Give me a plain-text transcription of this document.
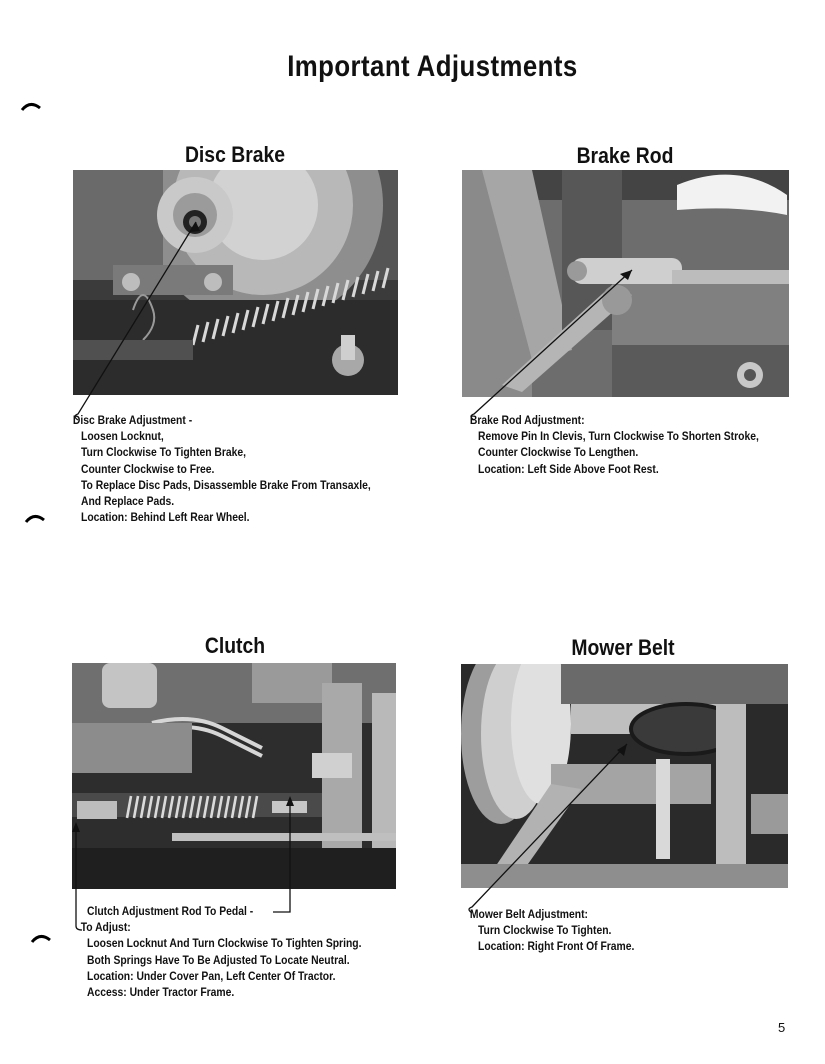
Important Adjustments
Disc Brake
Disc Brake Adjustment -
Loosen Locknut,
Turn Clockwise To Tighten Brake,
Counter Clockwise to Free.
To Replace Disc Pads, Disassemble Brake From Transaxle,
And Replace Pads.
Location: Behind Left Rear Wheel.
Brake Rod
Brake Rod Adjustment:
Remove Pin In Clevis, Turn Clockwise To Shorten Stroke,
Counter Clockwise To Lengthen.
Location: Left Side Above Foot Rest.
Clutch
Clutch Adjustment Rod To Pedal -
To Adjust:
Loosen Locknut And Turn Clockwise To Tighten Spring.
Both Springs Have To Be Adjusted To Locate Neutral.
Location: Under Cover Pan, Left Center Of Tractor.
Access: Under Tractor Frame.
Mower Belt
Mower Belt Adjustment:
Turn Clockwise To Tighten.
Location: Right Front Of Frame.
5
